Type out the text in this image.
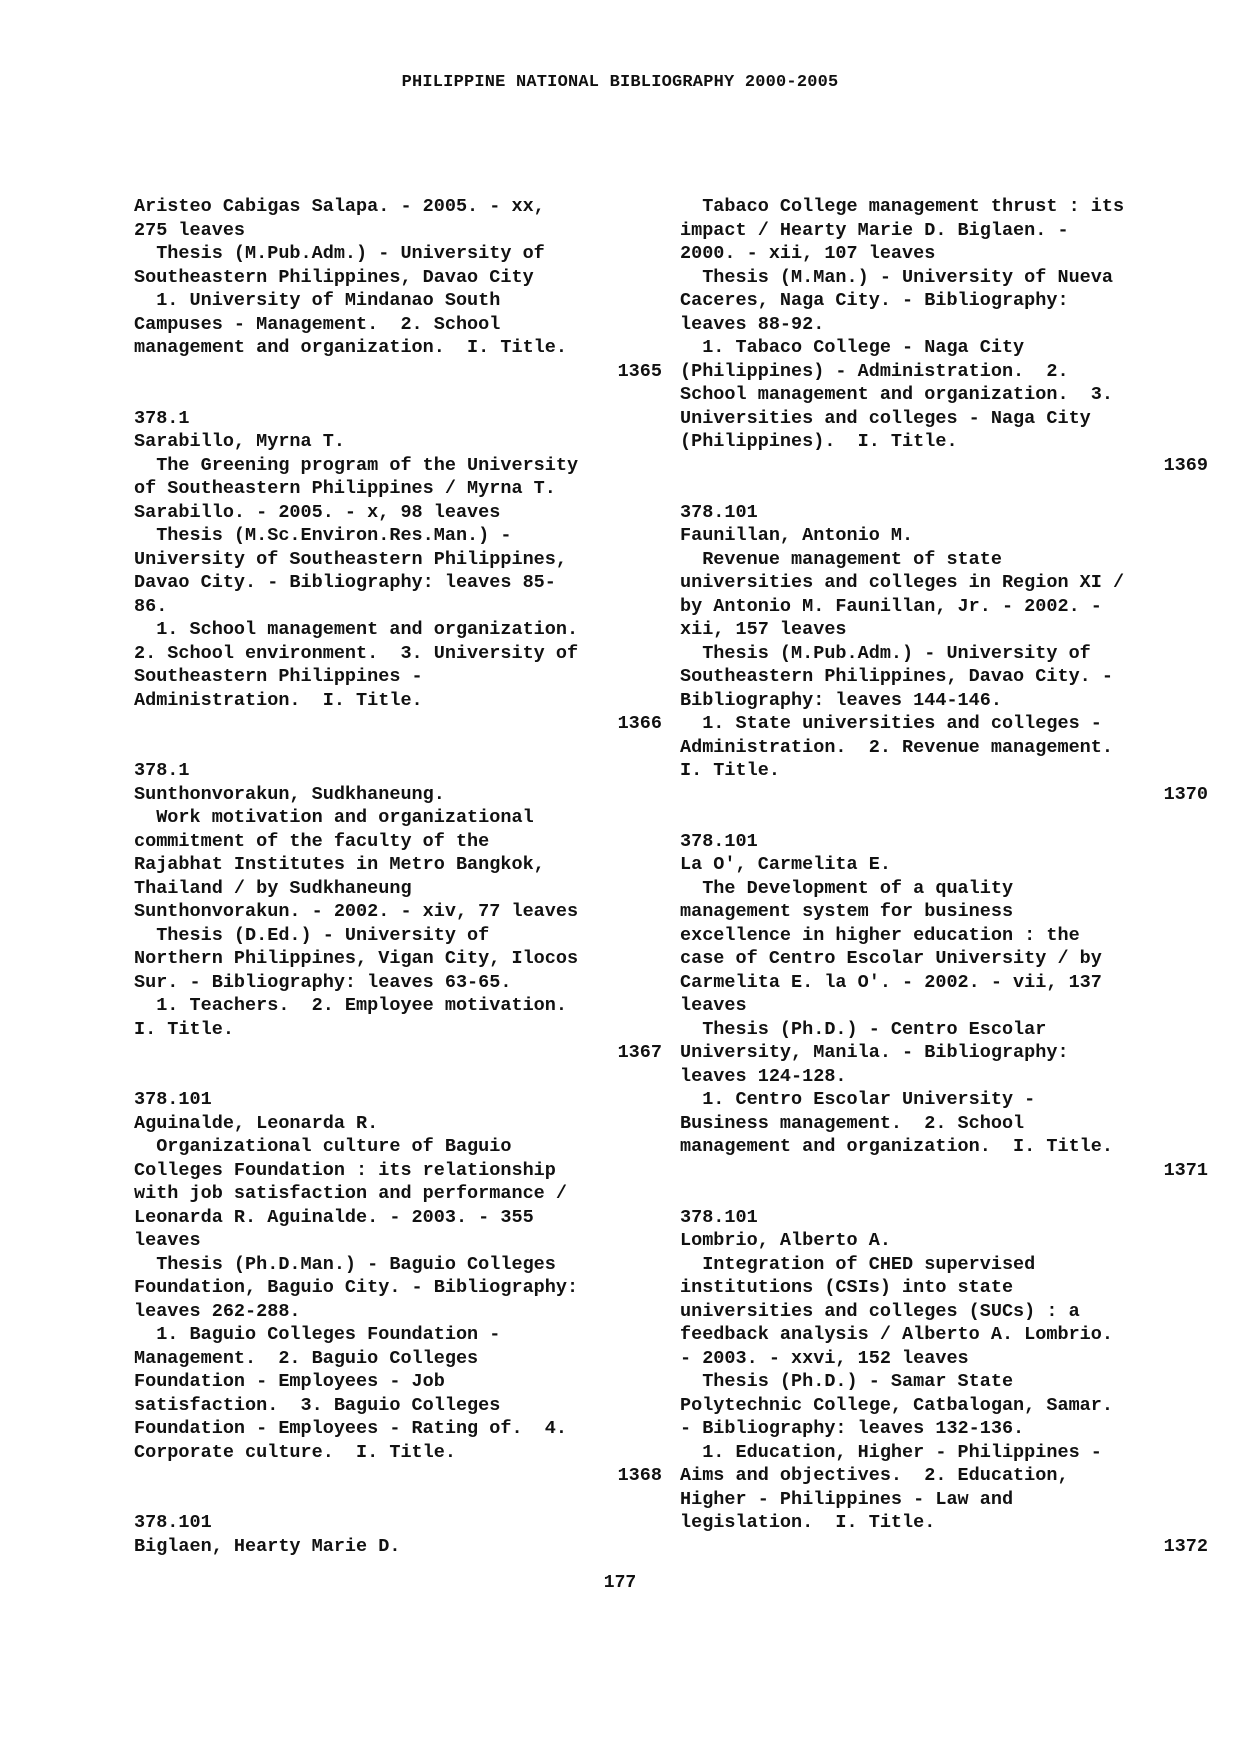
PHILIPPINE NATIONAL BIBLIOGRAPHY 2000-2005
Aristeo Cabigas Salapa. - 2005. - xx,
275 leaves
Thesis (M.Pub.Adm.) - University of
Southeastern Philippines, Davao City
1. University of Mindanao South
Campuses - Management.  2. School
management and organization.  I. Title.
1365
378.1
Sarabillo, Myrna T.
The Greening program of the University
of Southeastern Philippines / Myrna T.
Sarabillo. - 2005. - x, 98 leaves
Thesis (M.Sc.Environ.Res.Man.) -
University of Southeastern Philippines,
Davao City. - Bibliography: leaves 85-
86.
1. School management and organization.
2. School environment.  3. University of
Southeastern Philippines -
Administration.  I. Title.
1366
378.1
Sunthonvorakun, Sudkhaneung.
Work motivation and organizational
commitment of the faculty of the
Rajabhat Institutes in Metro Bangkok,
Thailand / by Sudkhaneung
Sunthonvorakun. - 2002. - xiv, 77 leaves
Thesis (D.Ed.) - University of
Northern Philippines, Vigan City, Ilocos
Sur. - Bibliography: leaves 63-65.
1. Teachers.  2. Employee motivation.
I. Title.
1367
378.101
Aguinalde, Leonarda R.
Organizational culture of Baguio
Colleges Foundation : its relationship
with job satisfaction and performance /
Leonarda R. Aguinalde. - 2003. - 355
leaves
Thesis (Ph.D.Man.) - Baguio Colleges
Foundation, Baguio City. - Bibliography:
leaves 262-288.
1. Baguio Colleges Foundation -
Management.  2. Baguio Colleges
Foundation - Employees - Job
satisfaction.  3. Baguio Colleges
Foundation - Employees - Rating of.  4.
Corporate culture.  I. Title.
1368
378.101
Biglaen, Hearty Marie D.
Tabaco College management thrust : its
impact / Hearty Marie D. Biglaen. -
2000. - xii, 107 leaves
Thesis (M.Man.) - University of Nueva
Caceres, Naga City. - Bibliography:
leaves 88-92.
1. Tabaco College - Naga City
(Philippines) - Administration.  2.
School management and organization.  3.
Universities and colleges - Naga City
(Philippines).  I. Title.
1369
378.101
Faunillan, Antonio M.
Revenue management of state
universities and colleges in Region XI /
by Antonio M. Faunillan, Jr. - 2002. -
xii, 157 leaves
Thesis (M.Pub.Adm.) - University of
Southeastern Philippines, Davao City. -
Bibliography: leaves 144-146.
1. State universities and colleges -
Administration.  2. Revenue management.
I. Title.
1370
378.101
La O', Carmelita E.
The Development of a quality
management system for business
excellence in higher education : the
case of Centro Escolar University / by
Carmelita E. la O'. - 2002. - vii, 137
leaves
Thesis (Ph.D.) - Centro Escolar
University, Manila. - Bibliography:
leaves 124-128.
1. Centro Escolar University -
Business management.  2. School
management and organization.  I. Title.
1371
378.101
Lombrio, Alberto A.
Integration of CHED supervised
institutions (CSIs) into state
universities and colleges (SUCs) : a
feedback analysis / Alberto A. Lombrio.
- 2003. - xxvi, 152 leaves
Thesis (Ph.D.) - Samar State
Polytechnic College, Catbalogan, Samar.
- Bibliography: leaves 132-136.
1. Education, Higher - Philippines -
Aims and objectives.  2. Education,
Higher - Philippines - Law and
legislation.  I. Title.
1372
177
